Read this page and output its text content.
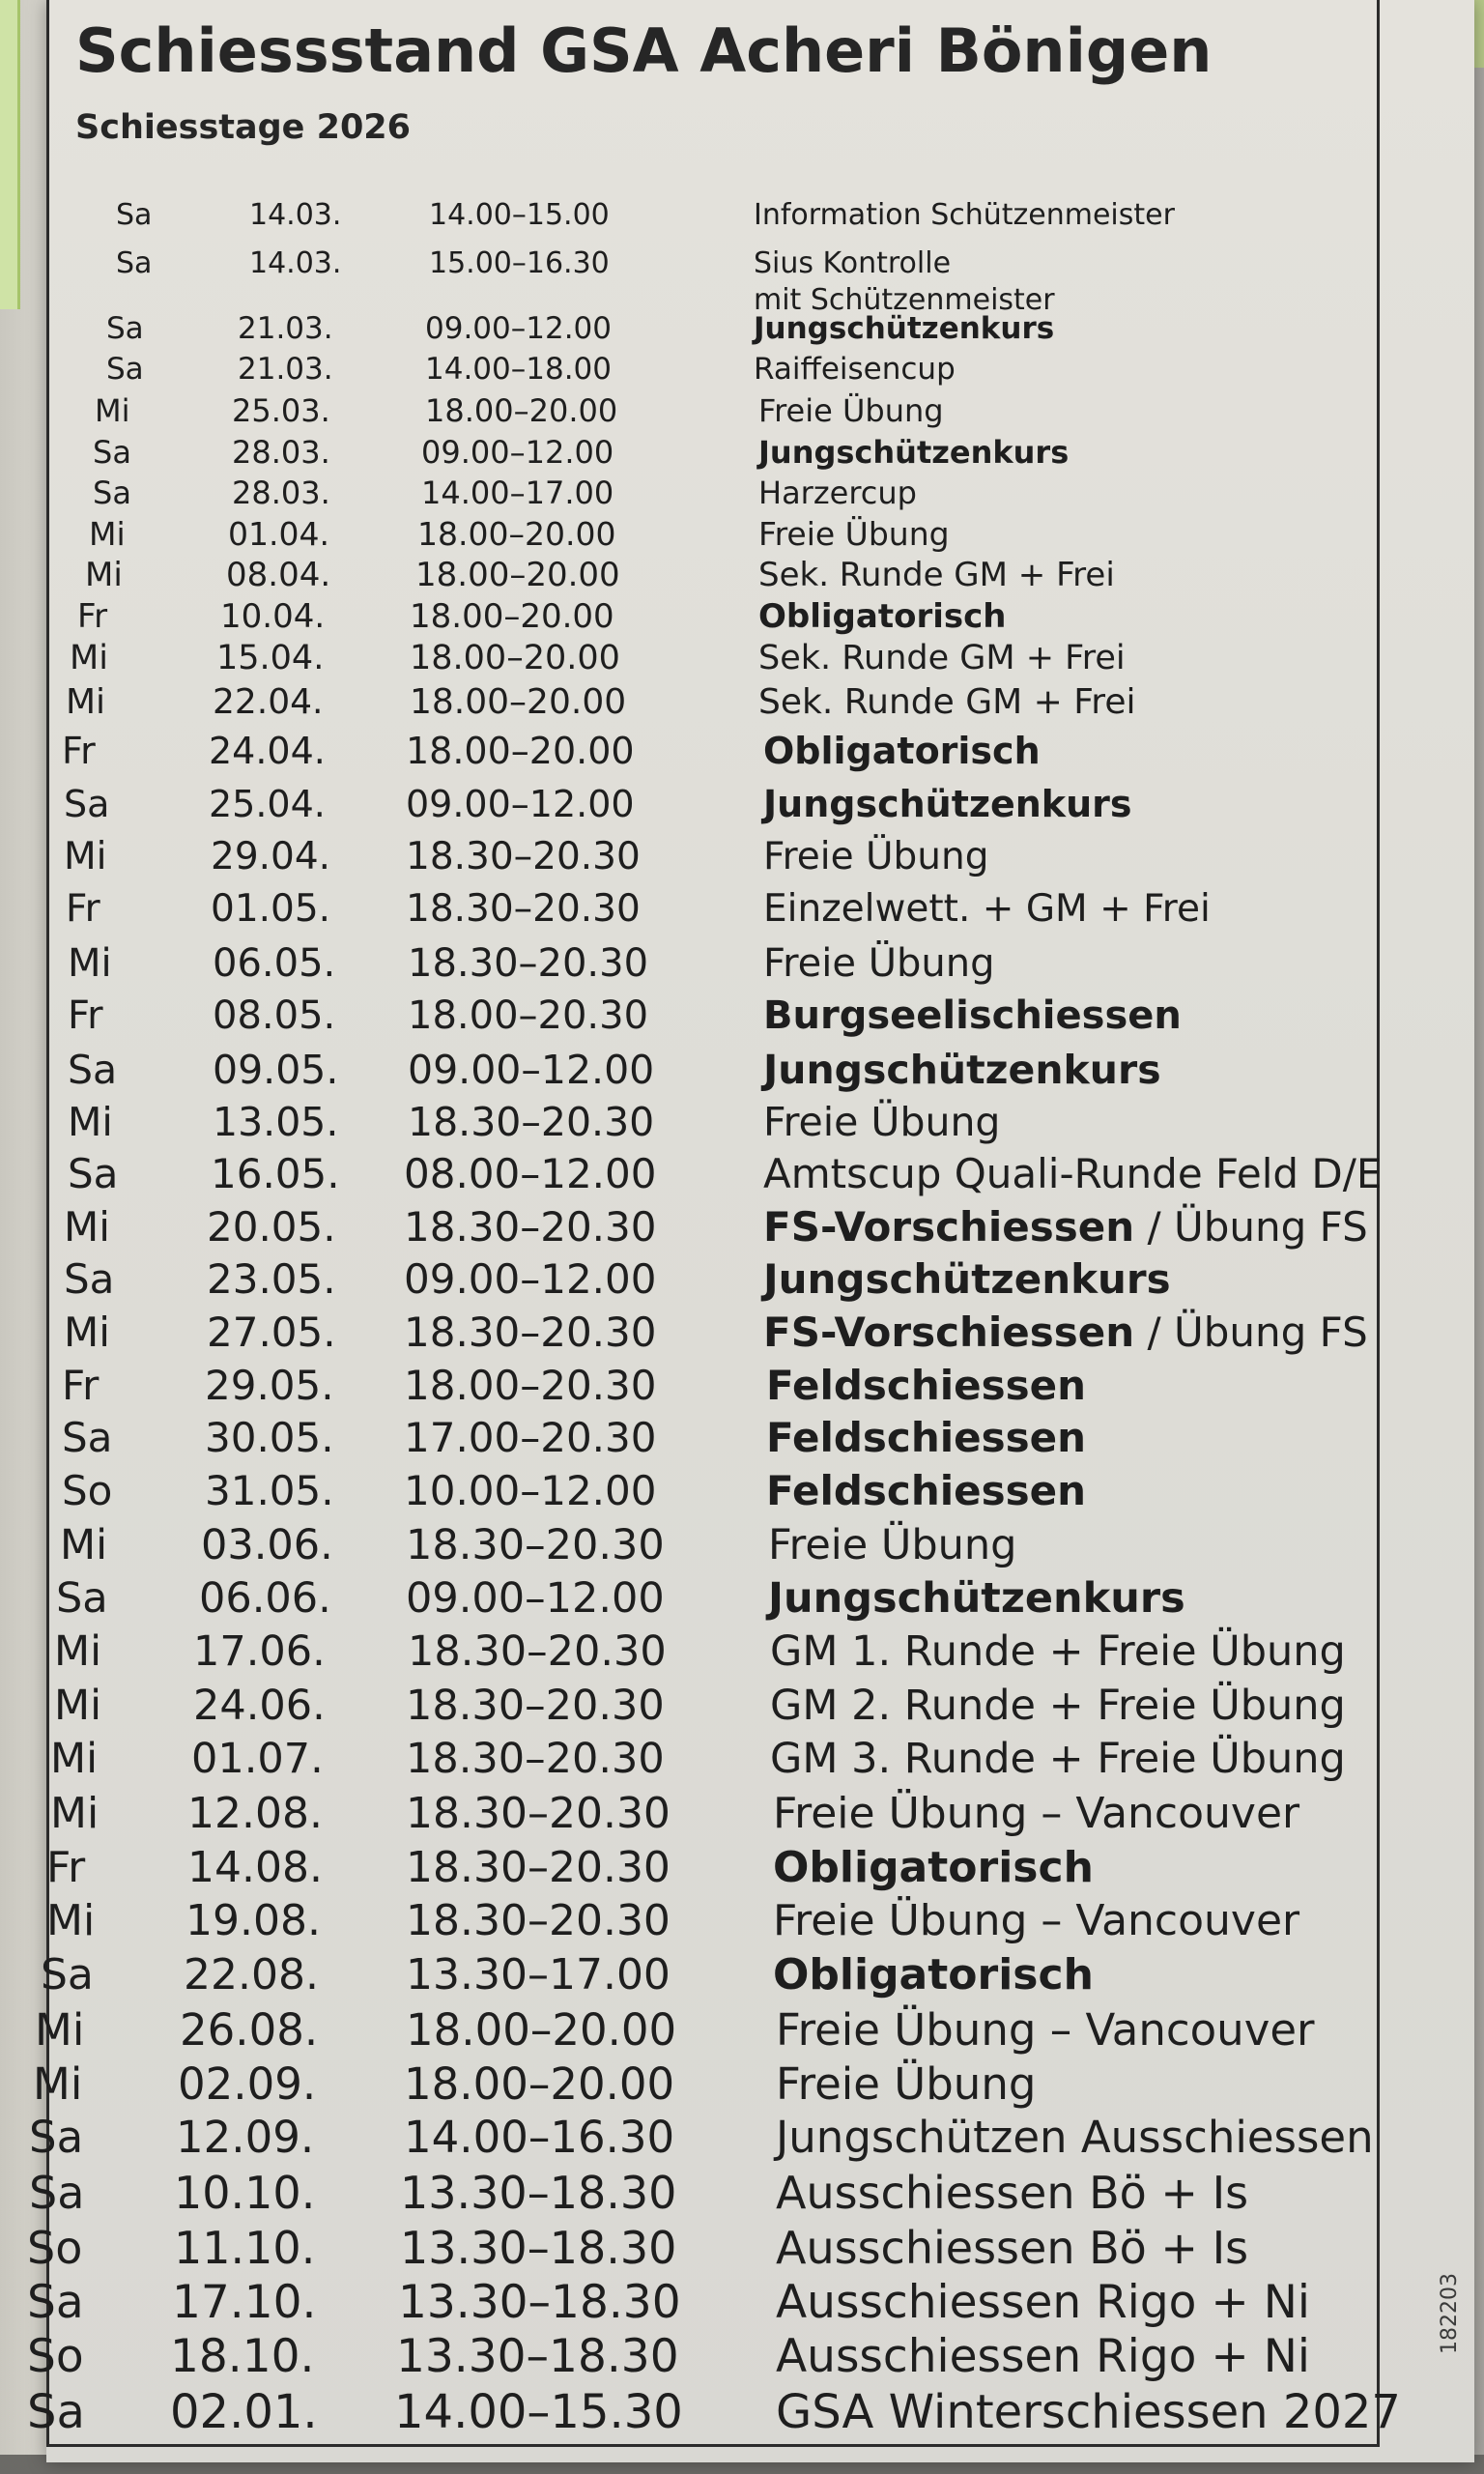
Schiessstand GSA Acheri Bönigen
Schiesstage 2026
Sa	14.03.	14.00–15.00	Information Schützenmeister
Sa	14.03.	15.00–16.30	Sius Kontrolle
mit Schützenmeister
Sa	21.03.	09.00–12.00	Jungschützenkurs
Sa	21.03.	14.00–18.00	Raiffeisencup
Mi	25.03.	18.00–20.00	Freie Übung
Sa	28.03.	09.00–12.00	Jungschützenkurs
Sa	28.03.	14.00–17.00	Harzercup
Mi	01.04.	18.00–20.00	Freie Übung
Mi	08.04.	18.00–20.00	Sek. Runde GM + Frei
Fr	10.04.	18.00–20.00	Obligatorisch
Mi	15.04.	18.00–20.00	Sek. Runde GM + Frei
Mi	22.04. 18.00–20.00	Sek. Runde GM + Frei
Fr	24.04. 18.00–20.00	Obligatorisch
Sa	25.04. 09.00–12.00	Jungschützenkurs
Mi	29.04. 18.30–20.30	Freie Übung
Fr	01.05. 18.30–20.30	Einzelwett. + GM + Frei
Mi	06.05. 18.30–20.30	Freie Übung
Fr	08.05. 18.00–20.30	Burgseelischiessen
Sa 09.05. 09.00–12.00	Jungschützenkurs
Mi	13.05. 18.30–20.30	Freie Übung
Sa 16.05. 08.00–12.00	Amtscup Quali-Runde Feld D/E
Mi 20.05. 18.30–20.30	FS-Vorschiessen / Übung FS
Sa 23.05. 09.00–12.00	Jungschützenkurs
Mi 27.05. 18.30–20.30	FS-Vorschiessen / Übung FS
Fr	29.05. 18.00–20.30	Feldschiessen
Sa 30.05. 17.00–20.30	Feldschiessen
So 31.05. 10.00–12.00	Feldschiessen
Mi 03.06. 18.30–20.30 Freie Übung
Sa 06.06. 09.00–12.00 Jungschützenkurs
Mi 17.06. 18.30–20.30 GM 1. Runde + Freie Übung
Mi 24.06. 18.30–20.30	GM 2. Runde + Freie Übung
Mi 01.07. 18.30–20.30	GM 3. Runde + Freie Übung
Mi 12.08. 18.30–20.30 Freie Übung – Vancouver
Fr 14.08. 18.30–20.30 Obligatorisch
Mi 19.08. 18.30–20.30 Freie Übung – Vancouver
Sa 22.08. 13.30–17.00 Obligatorisch
Mi 26.08. 18.00–20.00 Freie Übung – Vancouver
Mi 02.09. 18.00–20.00 Freie Übung
Sa 12.09. 14.00–16.30 Jungschützen Ausschiessen
Sa 10.10. 13.30–18.30 Ausschiessen Bö + Is
So 11.10. 13.30–18.30 Ausschiessen Bö + Is
Sa 17.10. 13.30–18.30 Ausschiessen Rigo + Ni
So 18.10. 13.30–18.30 Ausschiessen Rigo + Ni
Sa 02.01. 14.00–15.30 GSA Winterschiessen 2027
182203
